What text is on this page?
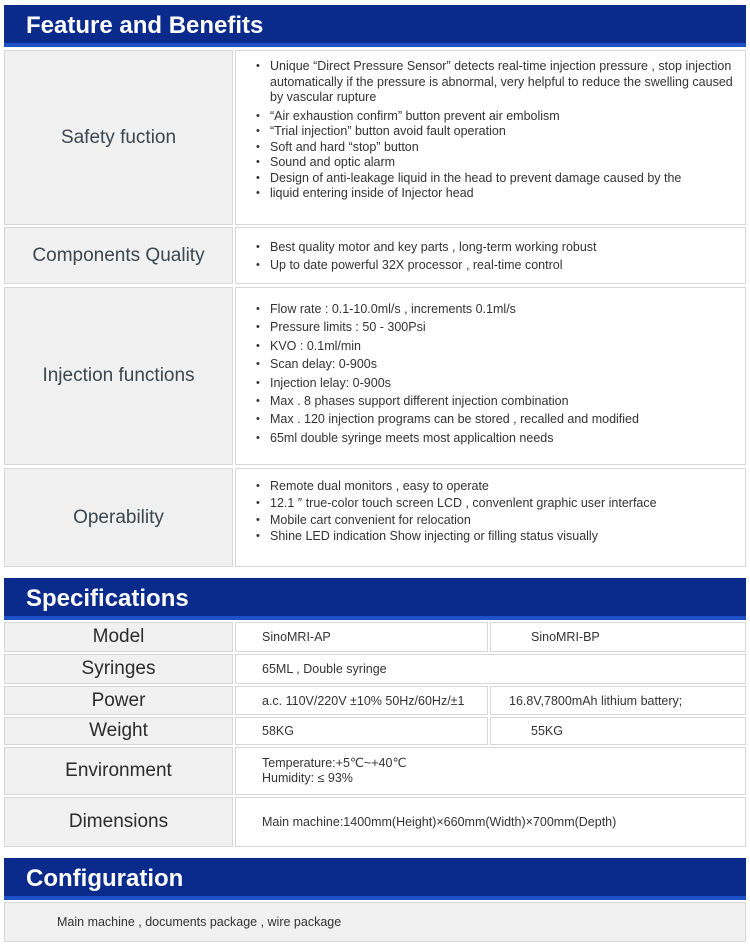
Feature and Benefits
Safety fuction
• Unique “Direct Pressure Sensor” detects real-time injection pressure , stop injection automatically if the pressure is abnormal, very helpful to reduce the swelling caused by vascular rupture
• “Air exhaustion confirm” button prevent air embolism
• “Trial injection” button avoid fault operation
• Soft and hard “stop” button
• Sound and optic alarm
• Design of anti-leakage liquid in the head to prevent damage caused by the
• liquid entering inside of Injector head
Components Quality
•	Best quality motor and key parts , long-term working robust
• Up to date powerful 32X processor , real-time control
Injection functions
• Flow rate : 0.1-10.0ml/s , increments 0.1ml/s
• Pressure limits : 50 - 300Psi
• KVO : 0.1ml/min
• Scan delay: 0-900s
• Injection lelay: 0-900s
• Max . 8 phases support different injection combination
• Max . 120 injection programs can be stored , recalled and modified
• 65ml double syringe meets most applicaltion needs
Operability
• Remote dual monitors , easy to operate
• 12.1 ″ true-color touch screen LCD , convenlent graphic user interface
• Mobile cart convenient for relocation
• Shine LED indication Show injecting or filling status visually
Specifications
Model	SinoMRI-AP	SinoMRI-BP
Syringes	65ML , Double syringe
Power	a.c. 110V/220V ±10% 50Hz/60Hz/±1	16.8V,7800mAh lithium battery;
Weight	58KG	55KG
Environment	Temperature:+5℃~+40℃
Humidity: ≤ 93%
Dimensions	Main machine:1400mm(Height)×660mm(Width)×700mm(Depth)
Configuration
Main machine , documents package , wire package
